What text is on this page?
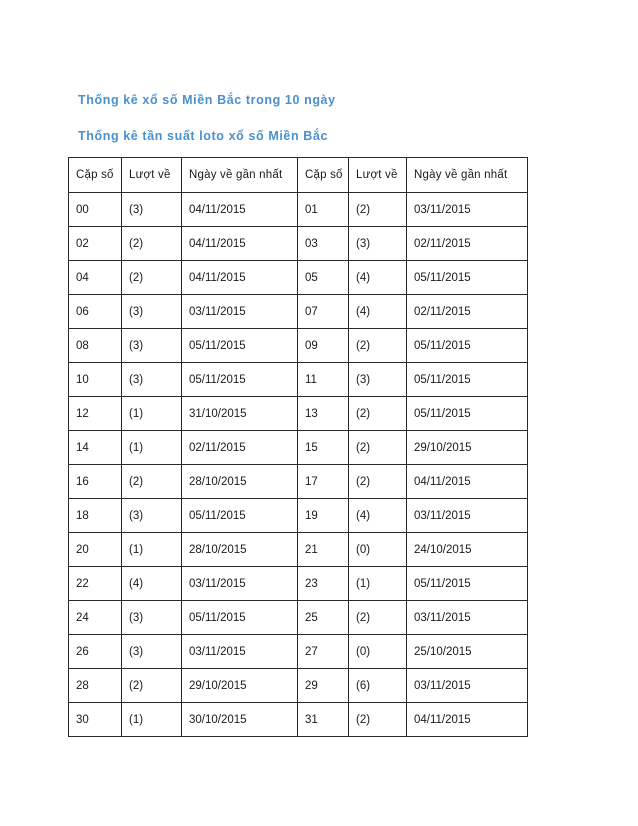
Thống kê xổ số Miền Bắc trong 10 ngày
Thống kê tần suất loto xổ số Miền Bắc
Cặp số	Lượt về	Ngày về gần nhất	Cặp số	Lượt về	Ngày về gần nhất
00	(3)	04/11/2015	01	(2)	03/11/2015
02	(2)	04/11/2015	03	(3)	02/11/2015
04	(2)	04/11/2015	05	(4)	05/11/2015
06	(3)	03/11/2015	07	(4)	02/11/2015
08	(3)	05/11/2015	09	(2)	05/11/2015
10	(3)	05/11/2015	11	(3)	05/11/2015
12	(1)	31/10/2015	13	(2)	05/11/2015
14	(1)	02/11/2015	15	(2)	29/10/2015
16	(2)	28/10/2015	17	(2)	04/11/2015
18	(3)	05/11/2015	19	(4)	03/11/2015
20	(1)	28/10/2015	21	(0)	24/10/2015
22	(4)	03/11/2015	23	(1)	05/11/2015
24	(3)	05/11/2015	25	(2)	03/11/2015
26	(3)	03/11/2015	27	(0)	25/10/2015
28	(2)	29/10/2015	29	(6)	03/11/2015
30	(1)	30/10/2015	31	(2)	04/11/2015
